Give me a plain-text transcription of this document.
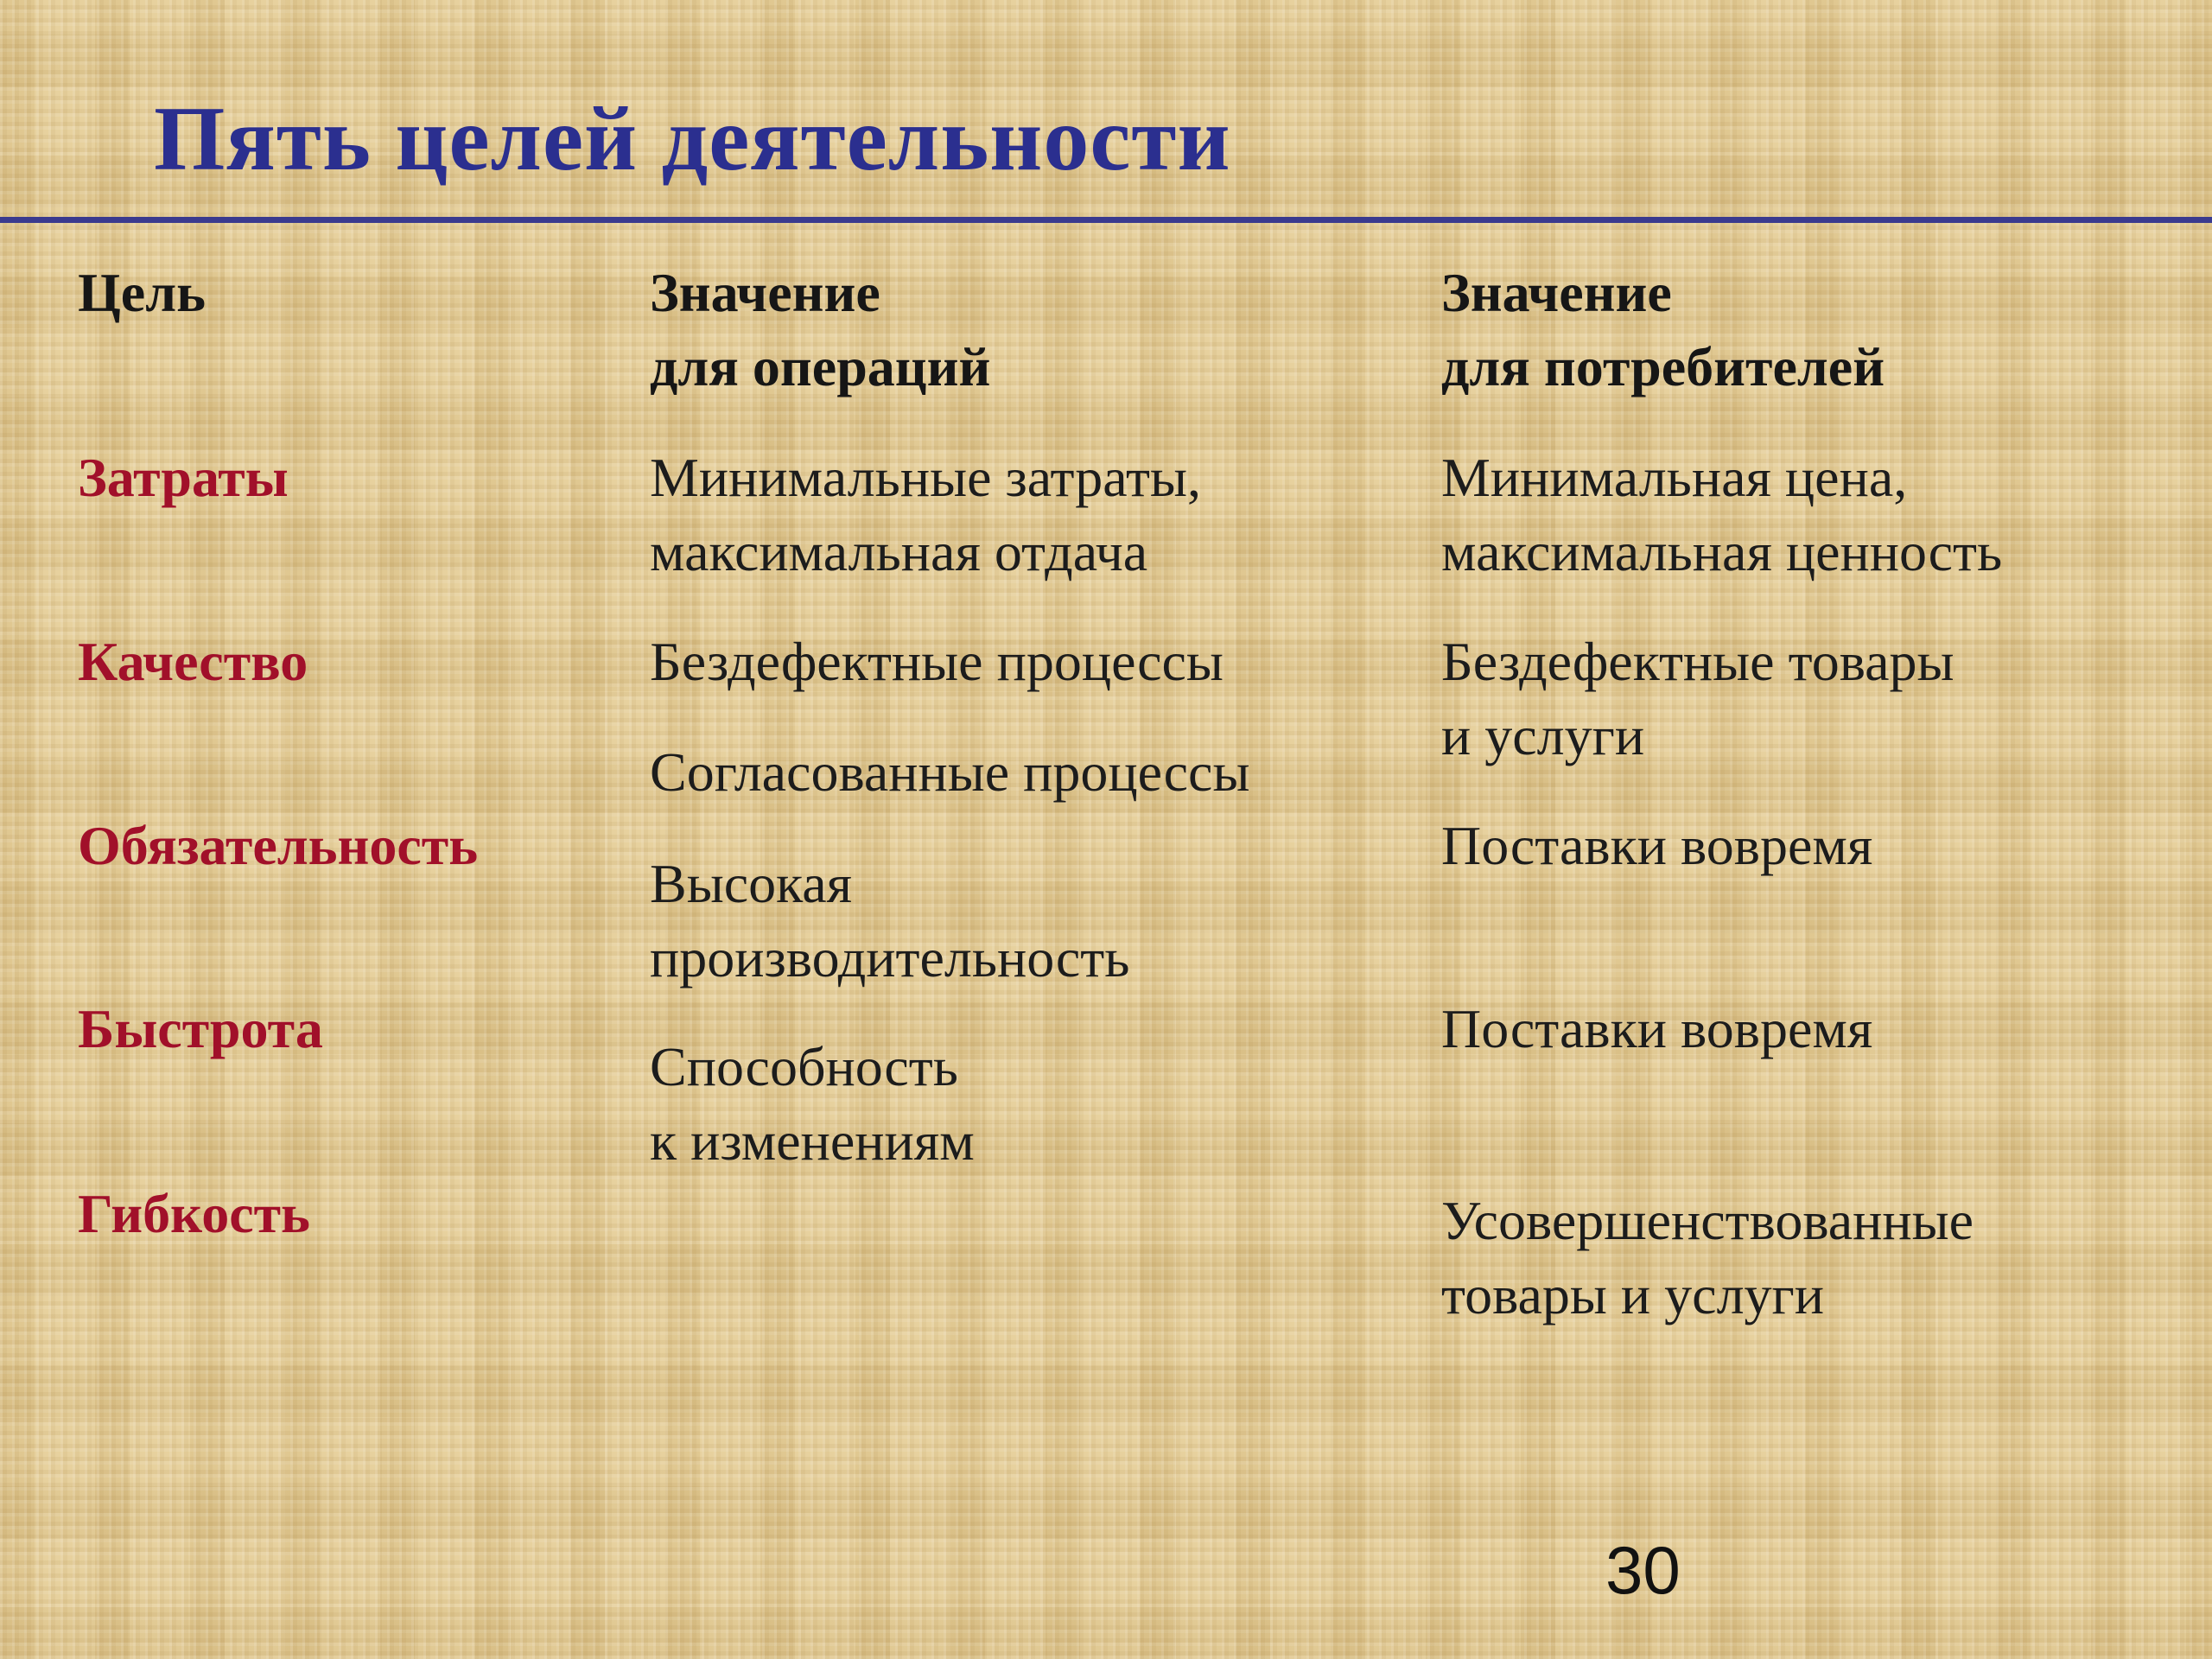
Пять целей деятельности
Цель	Значение
для операций
Значение
для потребителей
Затраты
Качество
Обязательность
Быстрота
Гибкость
Минимальные затраты,
максимальная отдача
Бездефектные процессы
Согласованные процессы
Высокая
производительность
Способность
к изменениям
Минимальная цена,
максимальная ценность
Бездефектные товары
и услуги
Поставки вовремя
Поставки вовремя
Усовершенствованные
товары и услуги
30
